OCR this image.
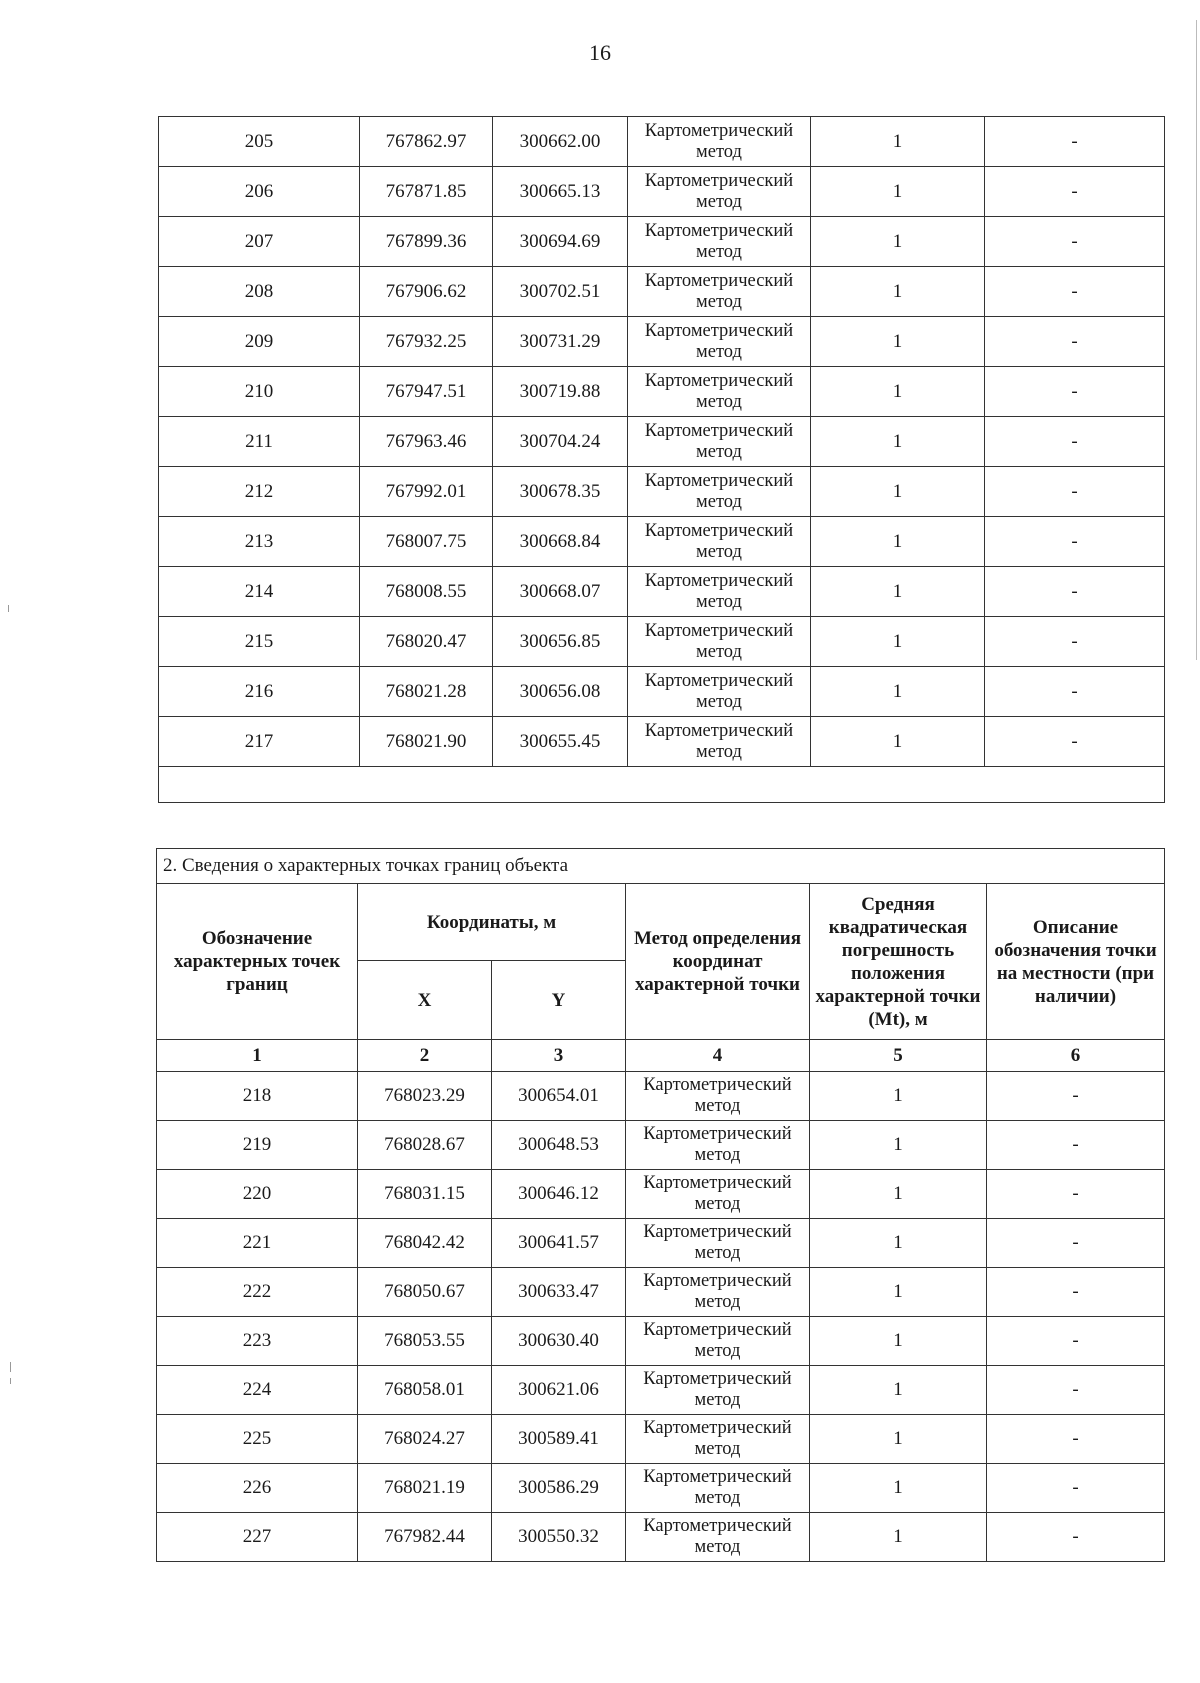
16
205	767862.97	300662.00	Картометрический метод	1	-
206	767871.85	300665.13	Картометрический метод	1	-
207	767899.36	300694.69	Картометрический метод	1	-
208	767906.62	300702.51	Картометрический метод	1	-
209	767932.25	300731.29	Картометрический метод	1	-
210	767947.51	300719.88	Картометрический метод	1	-
211	767963.46	300704.24	Картометрический метод	1	-
212	767992.01	300678.35	Картометрический метод	1	-
213	768007.75	300668.84	Картометрический метод	1	-
214	768008.55	300668.07	Картометрический метод	1	-
215	768020.47	300656.85	Картометрический метод	1	-
216	768021.28	300656.08	Картометрический метод	1	-
217	768021.90	300655.45	Картометрический метод	1	-

2. Сведения о характерных точках границ объекта					
Обозначение характерных точек границ	Координаты, м		Метод определения координат характерной точки	Средняя квадратическая погрешность положения характерной точки (Mt), м	Описание обозначения точки на местности (при наличии)
	X	Y			
1	2	3	4	5	6
218	768023.29	300654.01	Картометрический метод	1	-
219	768028.67	300648.53	Картометрический метод	1	-
220	768031.15	300646.12	Картометрический метод	1	-
221	768042.42	300641.57	Картометрический метод	1	-
222	768050.67	300633.47	Картометрический метод	1	-
223	768053.55	300630.40	Картометрический метод	1	-
224	768058.01	300621.06	Картометрический метод	1	-
225	768024.27	300589.41	Картометрический метод	1	-
226	768021.19	300586.29	Картометрический метод	1	-
227	767982.44	300550.32	Картометрический метод	1	-
